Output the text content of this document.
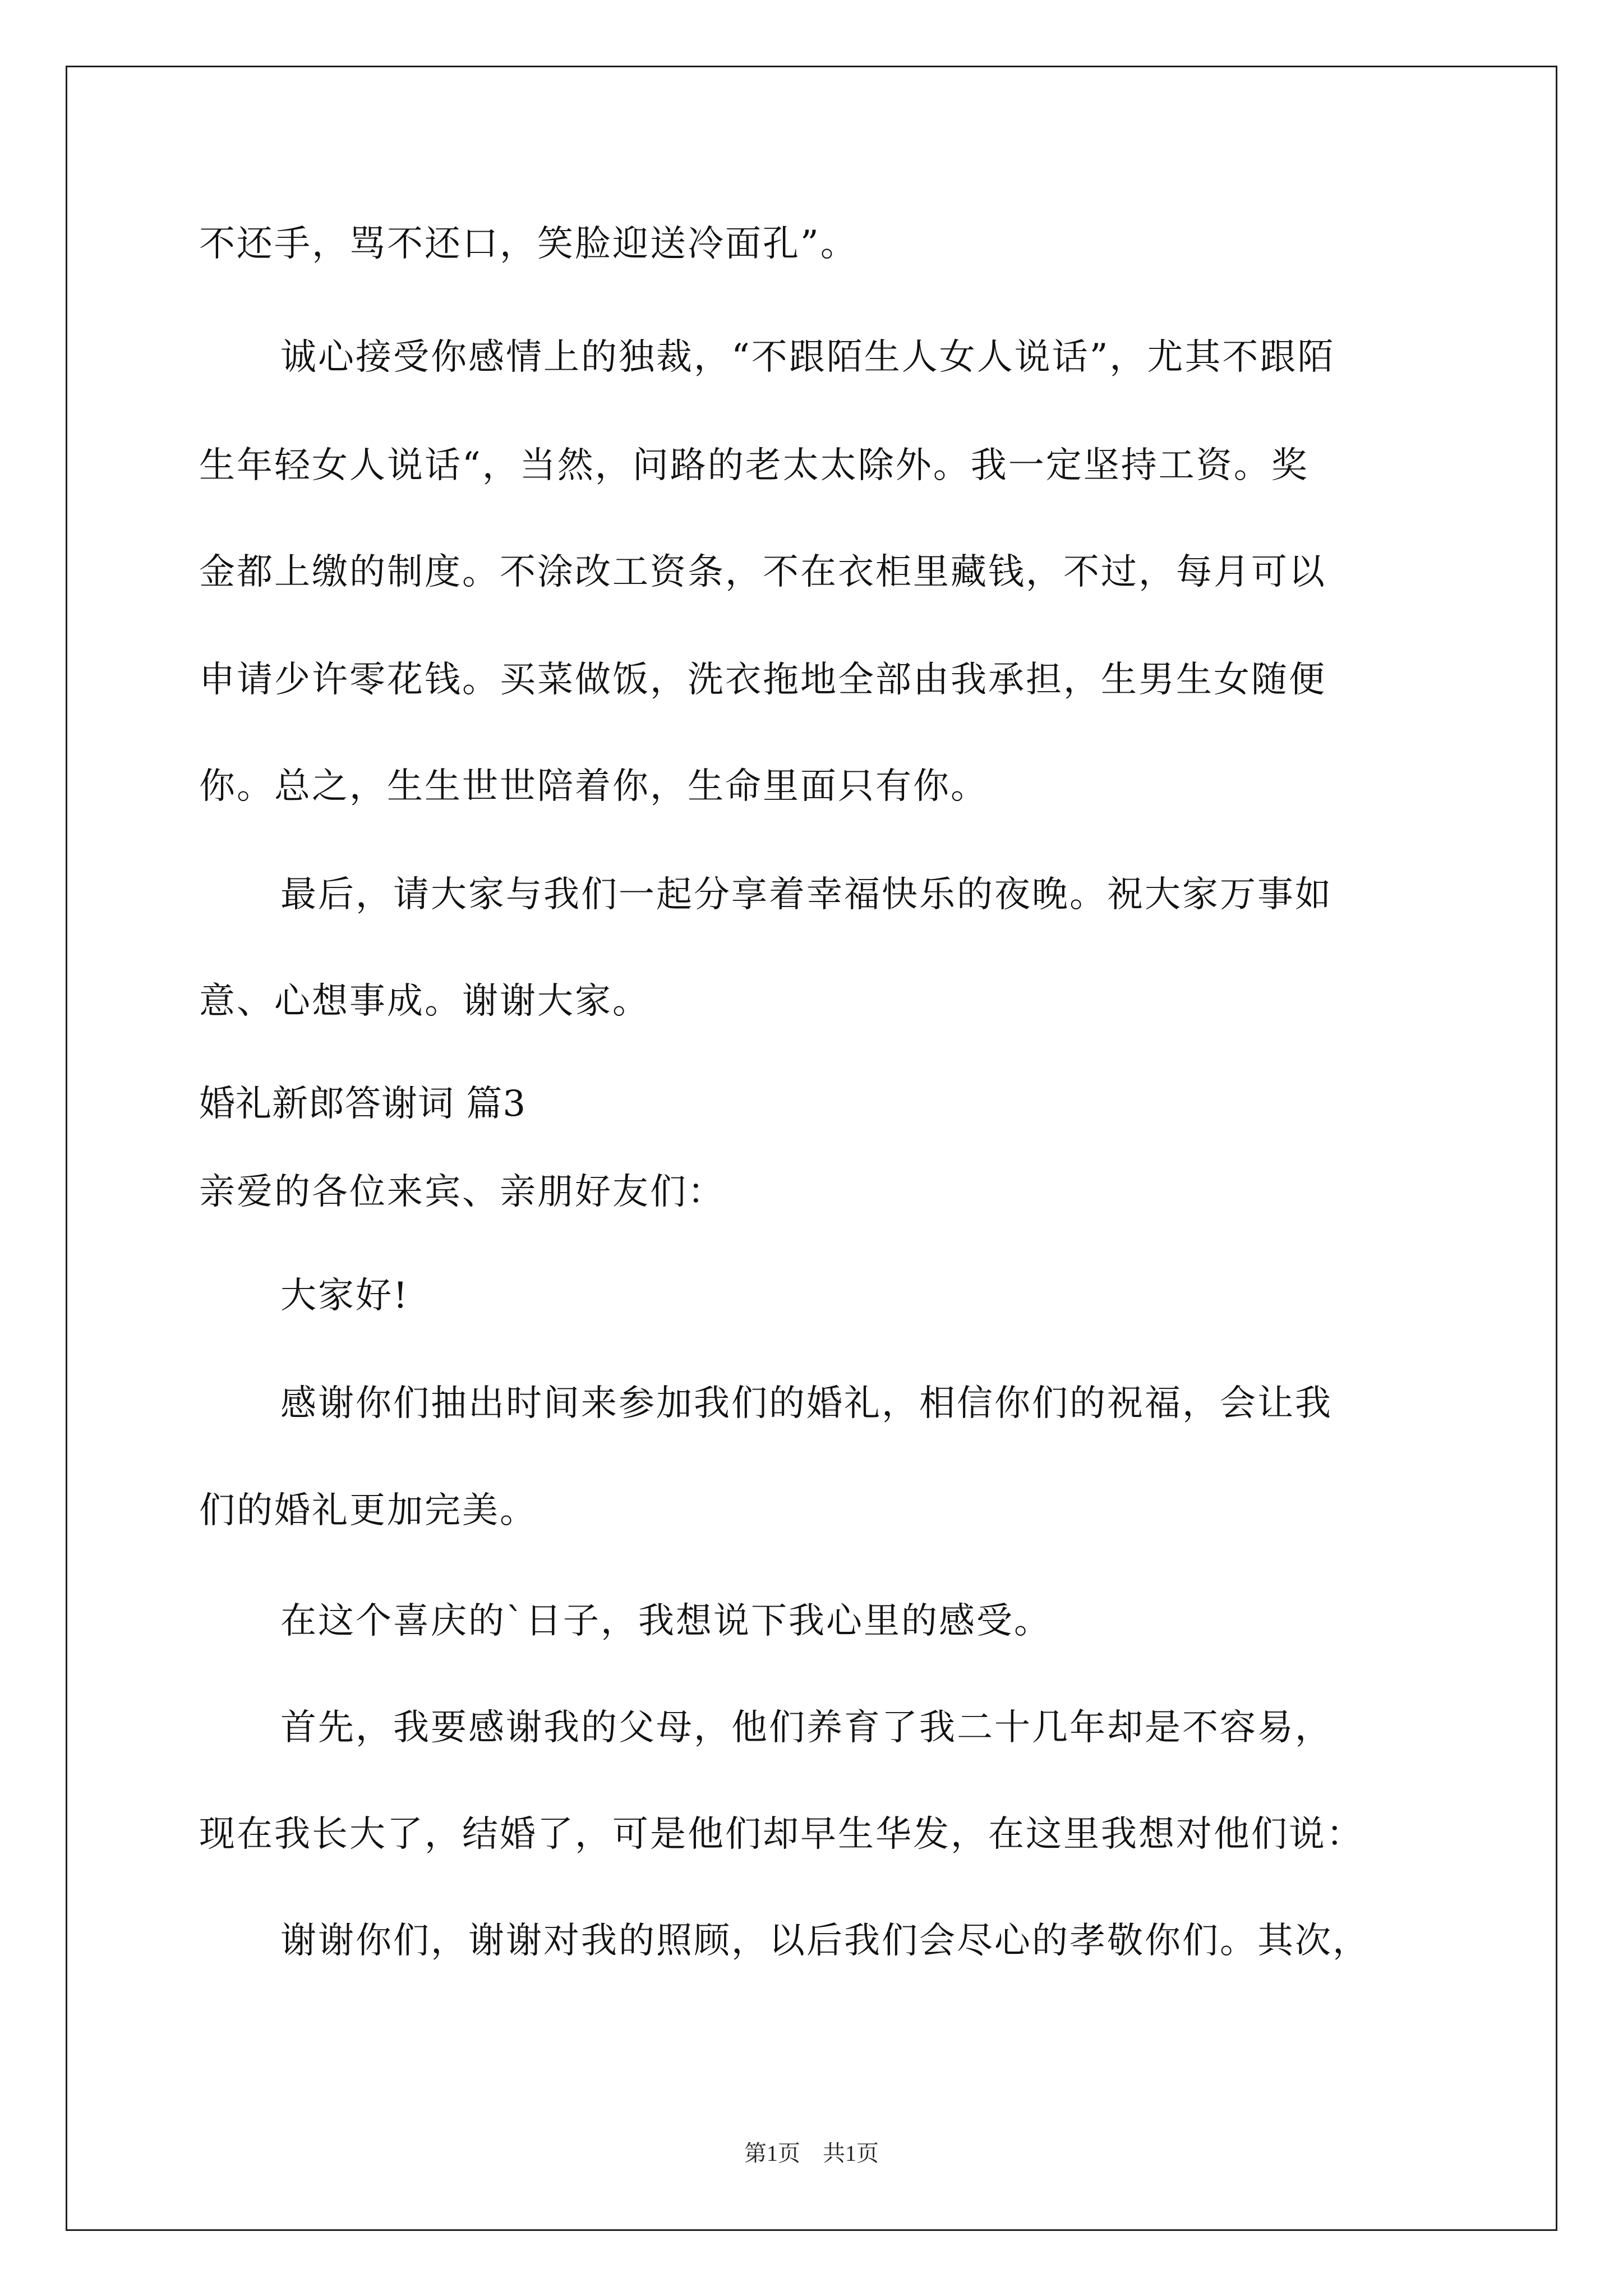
不还手，骂不还口，笑脸迎送冷面孔”。
诚心接受你感情上的独裁，“不跟陌生人女人说话”，尤其不跟陌
生年轻女人说话“，当然，问路的老太太除外。我一定坚持工资。奖
金都上缴的制度。不涂改工资条，不在衣柜里藏钱，不过，每月可以
申请少许零花钱。买菜做饭，洗衣拖地全部由我承担，生男生女随便
你。总之，生生世世陪着你，生命里面只有你。
最后，请大家与我们一起分享着幸福快乐的夜晚。祝大家万事如
意、心想事成。谢谢大家。
婚礼新郎答谢词 篇3
亲爱的各位来宾、亲朋好友们：
大家好!
感谢你们抽出时间来参加我们的婚礼，相信你们的祝福，会让我
们的婚礼更加完美。
在这个喜庆的`日子，我想说下我心里的感受。
首先，我要感谢我的父母，他们养育了我二十几年却是不容易，
现在我长大了，结婚了，可是他们却早生华发，在这里我想对他们说：
谢谢你们，谢谢对我的照顾，以后我们会尽心的孝敬你们。其次，
第1页　共1页
